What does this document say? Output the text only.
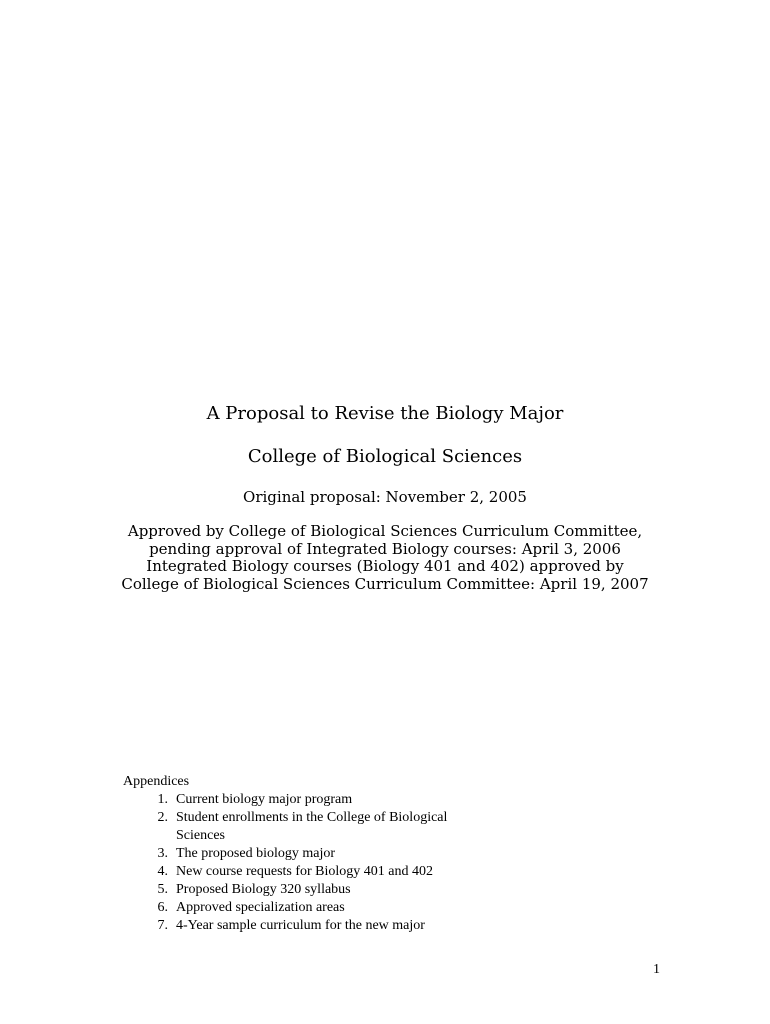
A Proposal to Revise the Biology Major
College of Biological Sciences
Original proposal: November 2, 2005

Approved by College of Biological Sciences Curriculum Committee, pending approval of Integrated Biology courses: April 3, 2006

Integrated Biology courses (Biology 401 and 402) approved by College of Biological Sciences Curriculum Committee: April 19, 2007

Appendices

1. Current biology major program
2. Student enrollments in the College of Biological Sciences
3. The proposed biology major
4. New course requests for Biology 401 and 402
5. Proposed Biology 320 syllabus
6. Approved specialization areas
7. 4-Year sample curriculum for the new major
1
